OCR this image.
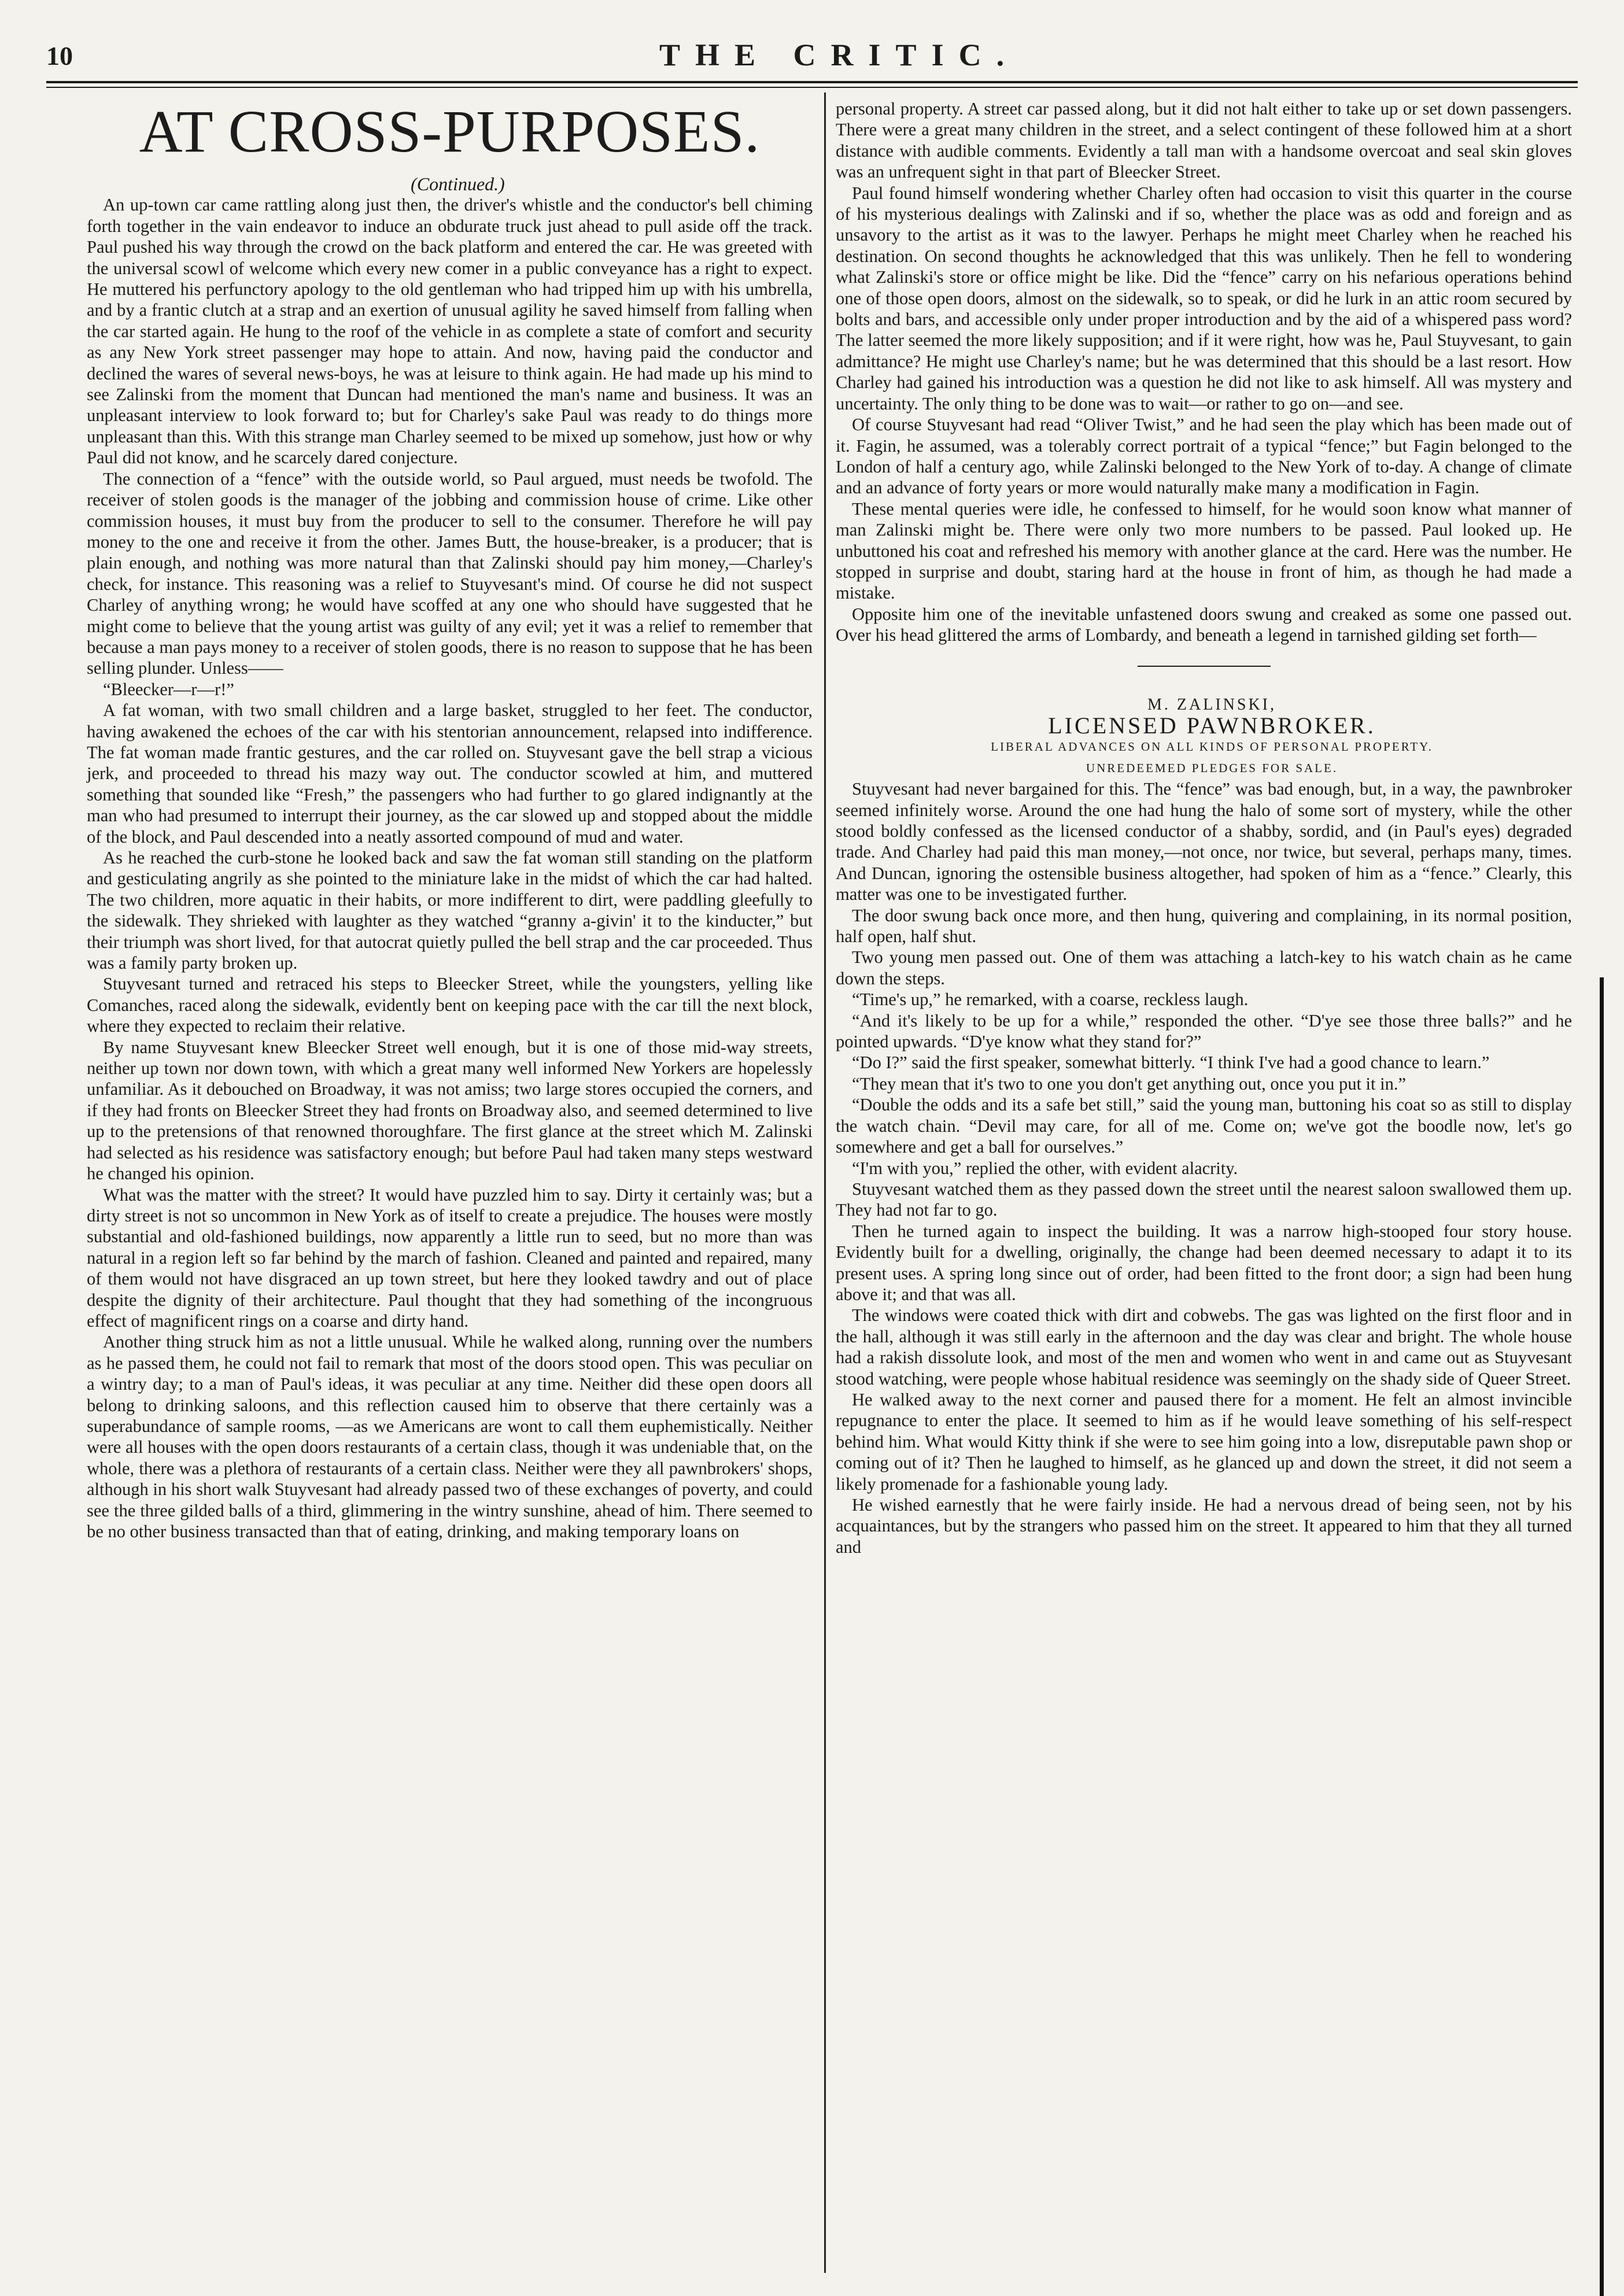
10	THE CRITIC.
AT CROSS-PURPOSES.

(Continued.)

An up-town car came rattling along just then, the driver's whistle and the conductor's bell chiming forth together in the vain endeavor to induce an obdurate truck just ahead to pull aside off the track. Paul pushed his way through the crowd on the back platform and entered the car. He was greeted with the universal scowl of welcome which every new comer in a public conveyance has a right to expect. He muttered his perfunctory apology to the old gentleman who had tripped him up with his umbrella, and by a frantic clutch at a strap and an exertion of unusual agility he saved himself from falling when the car started again. He hung to the roof of the vehicle in as complete a state of comfort and security as any New York street passenger may hope to attain. And now, having paid the conductor and declined the wares of several news-boys, he was at leisure to think again. He had made up his mind to see Zalinski from the moment that Duncan had mentioned the man's name and business. It was an unpleasant interview to look forward to; but for Charley's sake Paul was ready to do things more unpleasant than this. With this strange man Charley seemed to be mixed up somehow, just how or why Paul did not know, and he scarcely dared conjecture.

The connection of a “fence” with the outside world, so Paul argued, must needs be twofold. The receiver of stolen goods is the manager of the jobbing and commission house of crime. Like other commission houses, it must buy from the producer to sell to the consumer. Therefore he will pay money to the one and receive it from the other. James Butt, the house-breaker, is a producer; that is plain enough, and nothing was more natural than that Zalinski should pay him money,—Charley's check, for instance. This reasoning was a relief to Stuyvesant's mind. Of course he did not suspect Charley of anything wrong; he would have scoffed at any one who should have suggested that he might come to believe that the young artist was guilty of any evil; yet it was a relief to remember that because a man pays money to a receiver of stolen goods, there is no reason to suppose that he has been selling plunder. Unless——

“Bleecker—r—r!”

A fat woman, with two small children and a large basket, struggled to her feet. The conductor, having awakened the echoes of the car with his stentorian announcement, relapsed into indifference. The fat woman made frantic gestures, and the car rolled on. Stuyvesant gave the bell strap a vicious jerk, and proceeded to thread his mazy way out. The conductor scowled at him, and muttered something that sounded like “Fresh,” the passengers who had further to go glared indignantly at the man who had presumed to interrupt their journey, as the car slowed up and stopped about the middle of the block, and Paul descended into a neatly assorted compound of mud and water.

As he reached the curb-stone he looked back and saw the fat woman still standing on the platform and gesticulating angrily as she pointed to the miniature lake in the midst of which the car had halted. The two children, more aquatic in their habits, or more indifferent to dirt, were paddling gleefully to the sidewalk. They shrieked with laughter as they watched “granny a-givin' it to the kinducter,” but their triumph was short lived, for that autocrat quietly pulled the bell strap and the car proceeded. Thus was a family party broken up.

Stuyvesant turned and retraced his steps to Bleecker Street, while the youngsters, yelling like Comanches, raced along the sidewalk, evidently bent on keeping pace with the car till the next block, where they expected to reclaim their relative.

By name Stuyvesant knew Bleecker Street well enough, but it is one of those mid-way streets, neither up town nor down town, with which a great many well informed New Yorkers are hopelessly unfamiliar. As it debouched on Broadway, it was not amiss; two large stores occupied the corners, and if they had fronts on Bleecker Street they had fronts on Broadway also, and seemed determined to live up to the pretensions of that renowned thoroughfare. The first glance at the street which M. Zalinski had selected as his residence was satisfactory enough; but before Paul had taken many steps westward he changed his opinion.

What was the matter with the street? It would have puzzled him to say. Dirty it certainly was; but a dirty street is not so uncommon in New York as of itself to create a prejudice. The houses were mostly substantial and old-fashioned buildings, now apparently a little run to seed, but no more than was natural in a region left so far behind by the march of fashion. Cleaned and painted and repaired, many of them would not have disgraced an up town street, but here they looked tawdry and out of place despite the dignity of their architecture. Paul thought that they had something of the incongruous effect of magnificent rings on a coarse and dirty hand.

Another thing struck him as not a little unusual. While he walked along, running over the numbers as he passed them, he could not fail to remark that most of the doors stood open. This was peculiar on a wintry day; to a man of Paul's ideas, it was peculiar at any time. Neither did these open doors all belong to drinking saloons, and this reflection caused him to observe that there certainly was a superabundance of sample rooms, —as we Americans are wont to call them euphemistically. Neither were all houses with the open doors restaurants of a certain class, though it was undeniable that, on the whole, there was a plethora of restaurants of a certain class. Neither were they all pawnbrokers' shops, although in his short walk Stuyvesant had already passed two of these exchanges of poverty, and could see the three gilded balls of a third, glimmering in the wintry sunshine, ahead of him. There seemed to be no other business transacted than that of eating, drinking, and making temporary loans on

personal property. A street car passed along, but it did not halt either to take up or set down passengers. There were a great many children in the street, and a select contingent of these followed him at a short distance with audible comments. Evidently a tall man with a handsome overcoat and seal skin gloves was an unfrequent sight in that part of Bleecker Street.

Paul found himself wondering whether Charley often had occasion to visit this quarter in the course of his mysterious dealings with Zalinski and if so, whether the place was as odd and foreign and as unsavory to the artist as it was to the lawyer. Perhaps he might meet Charley when he reached his destination. On second thoughts he acknowledged that this was unlikely. Then he fell to wondering what Zalinski's store or office might be like. Did the “fence” carry on his nefarious operations behind one of those open doors, almost on the sidewalk, so to speak, or did he lurk in an attic room secured by bolts and bars, and accessible only under proper introduction and by the aid of a whispered pass word? The latter seemed the more likely supposition; and if it were right, how was he, Paul Stuyvesant, to gain admittance? He might use Charley's name; but he was determined that this should be a last resort. How Charley had gained his introduction was a question he did not like to ask himself. All was mystery and uncertainty. The only thing to be done was to wait—or rather to go on—and see.

Of course Stuyvesant had read “Oliver Twist,” and he had seen the play which has been made out of it. Fagin, he assumed, was a tolerably correct portrait of a typical “fence;” but Fagin belonged to the London of half a century ago, while Zalinski belonged to the New York of to-day. A change of climate and an advance of forty years or more would naturally make many a modification in Fagin.

These mental queries were idle, he confessed to himself, for he would soon know what manner of man Zalinski might be. There were only two more numbers to be passed. Paul looked up. He unbuttoned his coat and refreshed his memory with another glance at the card. Here was the number. He stopped in surprise and doubt, staring hard at the house in front of him, as though he had made a mistake.

Opposite him one of the inevitable unfastened doors swung and creaked as some one passed out. Over his head glittered the arms of Lombardy, and beneath a legend in tarnished gilding set forth—

M. ZALINSKI,

LICENSED PAWNBROKER.

LIBERAL ADVANCES ON ALL KINDS OF PERSONAL PROPERTY.

UNREDEEMED PLEDGES FOR SALE.

Stuyvesant had never bargained for this. The “fence” was bad enough, but, in a way, the pawnbroker seemed infinitely worse. Around the one had hung the halo of some sort of mystery, while the other stood boldly confessed as the licensed conductor of a shabby, sordid, and (in Paul's eyes) degraded trade. And Charley had paid this man money,—not once, nor twice, but several, perhaps many, times. And Duncan, ignoring the ostensible business altogether, had spoken of him as a “fence.” Clearly, this matter was one to be investigated further.

The door swung back once more, and then hung, quivering and complaining, in its normal position, half open, half shut.

Two young men passed out. One of them was attaching a latch-key to his watch chain as he came down the steps.

“Time's up,” he remarked, with a coarse, reckless laugh.

“And it's likely to be up for a while,” responded the other. “D'ye see those three balls?” and he pointed upwards. “D'ye know what they stand for?”

“Do I?” said the first speaker, somewhat bitterly. “I think I've had a good chance to learn.”

“They mean that it's two to one you don't get anything out, once you put it in.”

“Double the odds and its a safe bet still,” said the young man, buttoning his coat so as still to display the watch chain. “Devil may care, for all of me. Come on; we've got the boodle now, let's go somewhere and get a ball for ourselves.”

“I'm with you,” replied the other, with evident alacrity.

Stuyvesant watched them as they passed down the street until the nearest saloon swallowed them up. They had not far to go.

Then he turned again to inspect the building. It was a narrow high-stooped four story house. Evidently built for a dwelling, originally, the change had been deemed necessary to adapt it to its present uses. A spring long since out of order, had been fitted to the front door; a sign had been hung above it; and that was all.

The windows were coated thick with dirt and cobwebs. The gas was lighted on the first floor and in the hall, although it was still early in the afternoon and the day was clear and bright. The whole house had a rakish dissolute look, and most of the men and women who went in and came out as Stuyvesant stood watching, were people whose habitual residence was seemingly on the shady side of Queer Street.

He walked away to the next corner and paused there for a moment. He felt an almost invincible repugnance to enter the place. It seemed to him as if he would leave something of his self-respect behind him. What would Kitty think if she were to see him going into a low, disreputable pawn shop or coming out of it? Then he laughed to himself, as he glanced up and down the street, it did not seem a likely promenade for a fashionable young lady.

He wished earnestly that he were fairly inside. He had a nervous dread of being seen, not by his acquaintances, but by the strangers who passed him on the street. It appeared to him that they all turned and
